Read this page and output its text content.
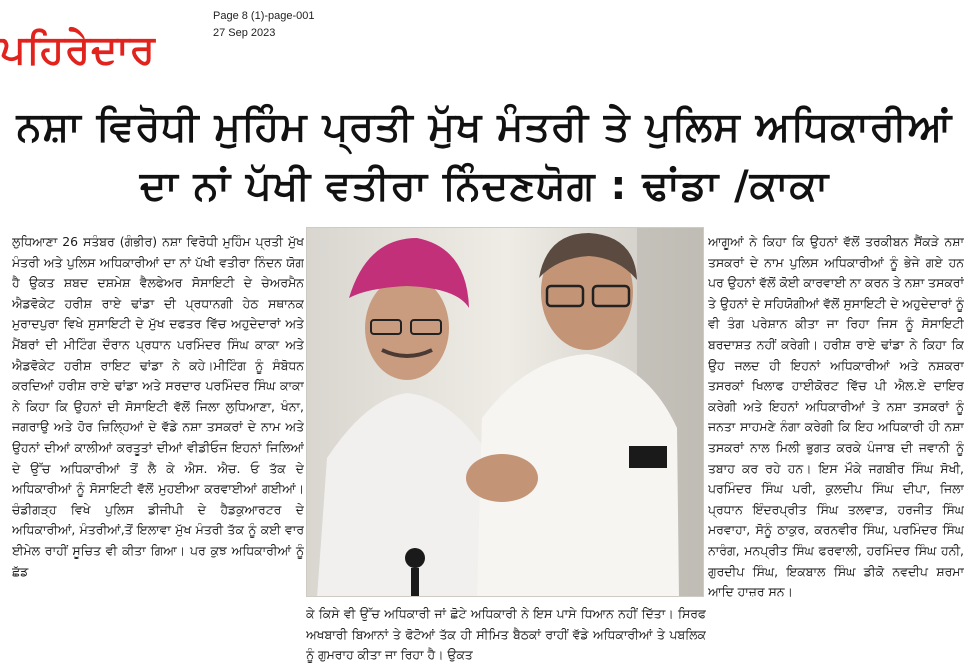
ਪਹਿਰੇਦਾਰ
Page 8 (1)-page-001
27 Sep 2023
ਨਸ਼ਾ ਵਿਰੋਧੀ ਮੁਹਿੰਮ ਪ੍ਰਤੀ ਮੁੱਖ ਮੰਤਰੀ ਤੇ ਪੁਲਿਸ ਅਧਿਕਾਰੀਆਂ
ਦਾ ਨਾਂ ਪੱਖੀ ਵਤੀਰਾ ਨਿੰਦਣਯੋਗ : ਢਾਂਡਾ /ਕਾਕਾ
ਲੁਧਿਆਣਾ 26 ਸਤੰਬਰ (ਗੰਭੀਰ) ਨਸ਼ਾ ਵਿਰੋਧੀ ਮੁਹਿੰਮ ਪ੍ਰਤੀ ਮੁੱਖ ਮੰਤਰੀ ਅਤੇ ਪੁਲਿਸ ਅਧਿਕਾਰੀਆਂ ਦਾ ਨਾਂ ਪੱਖੀ ਵਤੀਰਾ ਨਿੰਦਨ ਯੋਗ ਹੈ ਉਕਤ ਸ਼ਬਦ ਦਸ਼ਮੇਸ਼ ਵੈਲਫੇਅਰ ਸੋਸਾਇਟੀ ਦੇ ਚੇਅਰਮੈਨ ਐਡਵੋਕੇਟ ਹਰੀਸ਼ ਰਾਏ ਢਾਂਡਾ ਦੀ ਪ੍ਰਧਾਨਗੀ ਹੇਠ ਸਥਾਨਕ ਮੁਰਾਦਪੁਰਾ ਵਿਖੇ ਸੁਸਾਇਟੀ ਦੇ ਮੁੱਖ ਦਫਤਰ ਵਿੱਚ ਅਹੁਦੇਦਾਰਾਂ ਅਤੇ ਮੈਂਬਰਾਂ ਦੀ ਮੀਟਿੰਗ ਦੌਰਾਨ ਪ੍ਰਧਾਨ ਪਰਮਿੰਦਰ ਸਿੰਘ ਕਾਕਾ ਅਤੇ ਐਡਵੋਕੇਟ ਹਰੀਸ਼ ਰਾਇਟ ਢਾਂਡਾ ਨੇ ਕਹੇ।ਮੀਟਿੰਗ ਨੂੰ ਸੰਬੋਧਨ ਕਰਦਿਆਂ ਹਰੀਸ਼ ਰਾਏ ਢਾਂਡਾ ਅਤੇ ਸਰਦਾਰ ਪਰਮਿੰਦਰ ਸਿੰਘ ਕਾਕਾ ਨੇ ਕਿਹਾ ਕਿ ਉਹਨਾਂ ਦੀ ਸੋਸਾਇਟੀ ਵੱਲੋਂ ਜਿਲਾ ਲੁਧਿਆਣਾ, ਖੰਨਾ, ਜਗਰਾਉ ਅਤੇ ਹੋਰ ਜ਼ਿਲ੍ਹਿਆਂ ਦੇ ਵੱਡੇ ਨਸ਼ਾ ਤਸਕਰਾਂ ਦੇ ਨਾਮ ਅਤੇ ਉਹਨਾਂ ਦੀਆਂ ਕਾਲੀਆਂ ਕਰਤੂਤਾਂ ਦੀਆਂ ਵੀਡੀਓਜ ਇਹਨਾਂ ਜਿਲਿਆਂ ਦੇ ਉੱਚ ਅਧਿਕਾਰੀਆਂ ਤੋਂ ਲੈ ਕੇ ਐਸ. ਐਚ. ਓ ਤੱਕ ਦੇ ਅਧਿਕਾਰੀਆਂ ਨੂੰ ਸੋਸਾਇਟੀ ਵੱਲੋਂ ਮੁਹਈਆ ਕਰਵਾਈਆਂ ਗਈਆਂ। ਚੰਡੀਗੜ੍ਹ ਵਿਖੇ ਪੁਲਿਸ ਡੀਜੀਪੀ ਦੇ ਹੈਡਕੁਆਰਟਰ ਦੇ ਅਧਿਕਾਰੀਆਂ, ਮੰਤਰੀਆਂ,ਤੋਂ ਇਲਾਵਾ ਮੁੱਖ ਮੰਤਰੀ ਤੱਕ ਨੂੰ ਕਈ ਵਾਰ ਈਮੇਲ ਰਾਹੀਂ ਸੂਚਿਤ ਵੀ ਕੀਤਾ ਗਿਆ। ਪਰ ਕੁਝ ਅਧਿਕਾਰੀਆਂ ਨੂੰ ਛੱਡ
ਕੇ ਕਿਸੇ ਵੀ ਉੱਚ ਅਧਿਕਾਰੀ ਜਾਂ ਛੋਟੇ ਅਧਿਕਾਰੀ ਨੇ ਇਸ ਪਾਸੇ ਧਿਆਨ ਨਹੀਂ ਦਿੱਤਾ। ਸਿਰਫ ਅਖਬਾਰੀ ਬਿਆਨਾਂ ਤੇ ਫੋਟੋਆਂ ਤੱਕ ਹੀ ਸੀਮਿਤ ਬੈਠਕਾਂ ਰਾਹੀਂ ਵੱਡੇ ਅਧਿਕਾਰੀਆਂ ਤੇ ਪਬਲਿਕ ਨੂੰ ਗੁਮਰਾਹ ਕੀਤਾ ਜਾ ਰਿਹਾ ਹੈ। ਉਕਤ
ਆਗੂਆਂ ਨੇ ਕਿਹਾ ਕਿ ਉਹਨਾਂ ਵੱਲੋਂ ਤਰਕੀਬਨ ਸੈਂਕੜੇ ਨਸ਼ਾ ਤਸਕਰਾਂ ਦੇ ਨਾਮ ਪੁਲਿਸ ਅਧਿਕਾਰੀਆਂ ਨੂੰ ਭੇਜੇ ਗਏ ਹਨ ਪਰ ਉਹਨਾਂ ਵੱਲੋਂ ਕੋਈ ਕਾਰਵਾਈ ਨਾ ਕਰਨ ਤੇ ਨਸ਼ਾ ਤਸਕਰਾਂ ਤੇ ਉਹਨਾਂ ਦੇ ਸਹਿਯੋਗੀਆਂ ਵੱਲੋਂ ਸੁਸਾਇਟੀ ਦੇ ਅਹੁਦੇਦਾਰਾਂ ਨੂੰ ਵੀ ਤੰਗ ਪਰੇਸ਼ਾਨ ਕੀਤਾ ਜਾ ਰਿਹਾ ਜਿਸ ਨੂੰ ਸੋਸਾਇਟੀ ਬਰਦਾਸ਼ਤ ਨਹੀਂ ਕਰੇਗੀ। ਹਰੀਸ਼ ਰਾਏ ਢਾਂਡਾ ਨੇ ਕਿਹਾ ਕਿ ਉਹ ਜਲਦ ਹੀ ਇਹਨਾਂ ਅਧਿਕਾਰੀਆਂ ਅਤੇ ਨਸ਼ਕਰਾ ਤਸਰਕਾਂ ਖਿਲਾਫ ਹਾਈਕੋਰਟ ਵਿੱਚ ਪੀ ਐਲ.ਏ ਦਾਇਰ ਕਰੇਗੀ ਅਤੇ ਇਹਨਾਂ ਅਧਿਕਾਰੀਆਂ ਤੇ ਨਸ਼ਾ ਤਸਕਰਾਂ ਨੂੰ ਜਨਤਾ ਸਾਹਮਣੇ ਨੰਗਾ ਕਰੇਗੀ ਕਿ ਇਹ ਅਧਿਕਾਰੀ ਹੀ ਨਸ਼ਾ ਤਸਕਰਾਂ ਨਾਲ ਮਿਲੀ ਭੁਗਤ ਕਰਕੇ ਪੰਜਾਬ ਦੀ ਜਵਾਨੀ ਨੂੰ ਤਬਾਹ ਕਰ ਰਹੇ ਹਨ। ਇਸ ਮੌਕੇ ਜਗਬੀਰ ਸਿੰਘ ਸੋਖੀ, ਪਰਮਿੰਦਰ ਸਿੰਘ ਪਰੀ, ਕੁਲਦੀਪ ਸਿੰਘ ਦੀਪਾ, ਜਿਲਾ ਪ੍ਰਧਾਨ ਇੰਦਰਪ੍ਰੀਤ ਸਿੰਘ ਤਲਵਾੜ, ਹਰਜੀਤ ਸਿੰਘ ਮਰਵਾਹਾ, ਸੋਨੂੰ ਠਾਕੁਰ, ਕਰਨਵੀਰ ਸਿੰਘ, ਪਰਮਿੰਦਰ ਸਿੰਘ ਨਾਰੰਗ, ਮਨਪ੍ਰੀਤ ਸਿੰਘ ਫਰਵਾਲੀ, ਹਰਮਿੰਦਰ ਸਿੰਘ ਹਨੀ, ਗੁਰਦੀਪ ਸਿੰਘ, ਇਕਬਾਲ ਸਿੰਘ ਡੀਕੋ ਨਵਦੀਪ ਸ਼ਰਮਾ ਆਦਿ ਹਾਜ਼ਰ ਸਨ।
